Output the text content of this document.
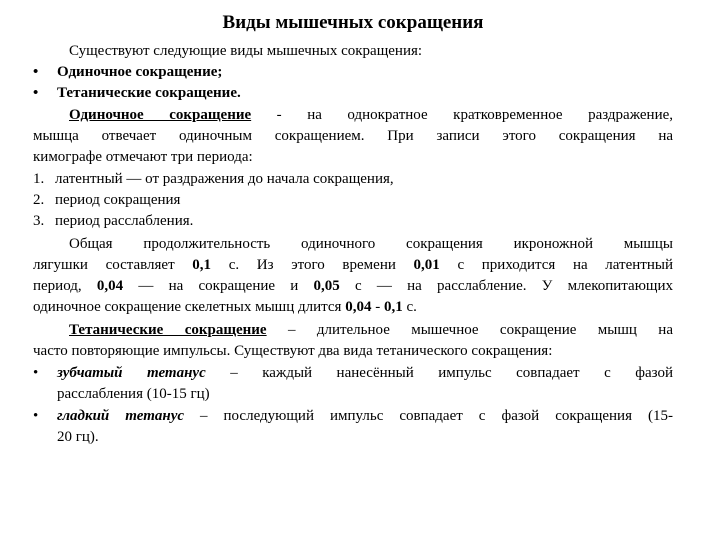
Виды мышечных сокращения
Существуют следующие виды мышечных сокращения:
•	Одиночное сокращение;
•	Тетанические сокращение.
Одиночное сокращение - на однократное кратковременное раздражение,
мышца отвечает одиночным сокращением. При записи этого сокращения на
кимографе отмечают три периода:
1. латентный — от раздражения до начала сокращения,
2. период сокращения
3. период расслабления.
Общая продолжительность одиночного сокращения икроножной мышцы
лягушки составляет 0,1 с. Из этого времени 0,01 с приходится на латентный
период, 0,04 — на сокращение и 0,05 с — на расслабление. У млекопитающих
одиночное сокращение скелетных мышц длится 0,04 - 0,1 с.
Тетанические сокращение – длительное мышечное сокращение мышц на
часто повторяющие импульсы. Существуют два вида тетанического сокращения:
•	зубчатый тетанус – каждый нанесённый импульс совпадает с фазой
расслабления (10-15 гц)
•	гладкий тетанус – последующий импульс совпадает с фазой сокращения (15-
20 гц).
